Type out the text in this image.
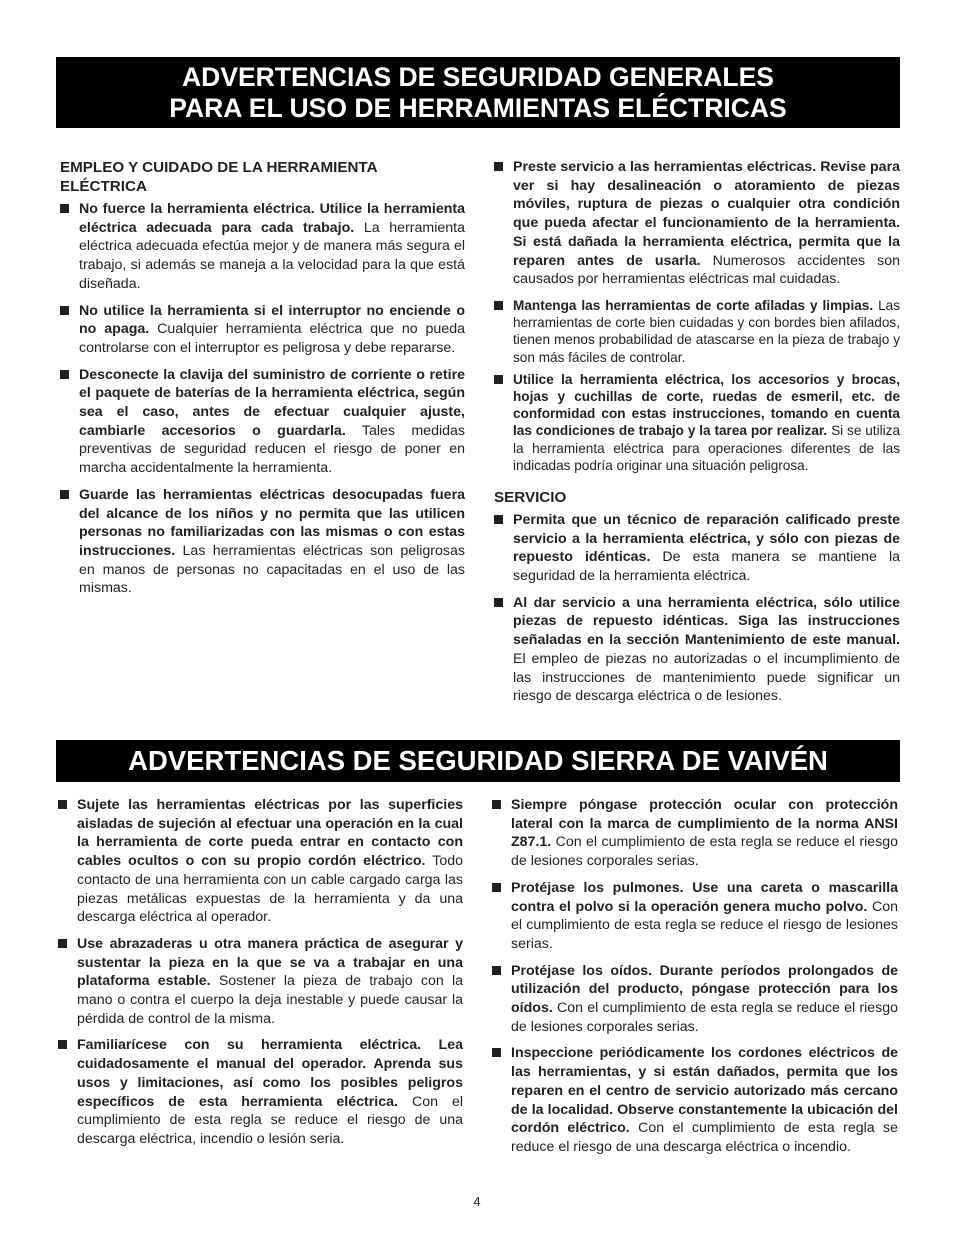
ADVERTENCIAS DE SEGURIDAD GENERALES
PARA EL USO DE HERRAMIENTAS ELÉCTRICAS
EMPLEO Y CUIDADO DE LA HERRAMIENTA ELÉCTRICA
No fuerce la herramienta eléctrica. Utilice la herramienta eléctrica adecuada para cada trabajo. La herramienta eléctrica adecuada efectúa mejor y de manera más segura el trabajo, si además se maneja a la velocidad para la que está diseñada.
No utilice la herramienta si el interruptor no enciende o no apaga. Cualquier herramienta eléctrica que no pueda controlarse con el interruptor es peligrosa y debe repararse.
Desconecte la clavija del suministro de corriente o retire el paquete de baterías de la herramienta eléctrica, según sea el caso, antes de efectuar cualquier ajuste, cambiarle accesorios o guardarla. Tales medidas preventivas de seguridad reducen el riesgo de poner en marcha accidentalmente la herramienta.
Guarde las herramientas eléctricas desocupadas fuera del alcance de los niños y no permita que las utilicen personas no familiarizadas con las mismas o con estas instrucciones. Las herramientas eléctricas son peligrosas en manos de personas no capacitadas en el uso de las mismas.
Preste servicio a las herramientas eléctricas. Revise para ver si hay desalineación o atoramiento de piezas móviles, ruptura de piezas o cualquier otra condición que pueda afectar el funcionamiento de la herramienta. Si está dañada la herramienta eléctrica, permita que la reparen antes de usarla. Numerosos accidentes son causados por herramientas eléctricas mal cuidadas.
Mantenga las herramientas de corte afiladas y limpias. Las herramientas de corte bien cuidadas y con bordes bien afilados, tienen menos probabilidad de atascarse en la pieza de trabajo y son más fáciles de controlar.
Utilice la herramienta eléctrica, los accesorios y brocas, hojas y cuchillas de corte, ruedas de esmeril, etc. de conformidad con estas instrucciones, tomando en cuenta las condiciones de trabajo y la tarea por realizar. Si se utiliza la herramienta eléctrica para operaciones diferentes de las indicadas podría originar una situación peligrosa.
SERVICIO
Permita que un técnico de reparación calificado preste servicio a la herramienta eléctrica, y sólo con piezas de repuesto idénticas. De esta manera se mantiene la seguridad de la herramienta eléctrica.
Al dar servicio a una herramienta eléctrica, sólo utilice piezas de repuesto idénticas. Siga las instrucciones señaladas en la sección Mantenimiento de este manual. El empleo de piezas no autorizadas o el incumplimiento de las instrucciones de mantenimiento puede significar un riesgo de descarga eléctrica o de lesiones.
ADVERTENCIAS DE SEGURIDAD SIERRA DE VAIVÉN
Sujete las herramientas eléctricas por las superficies aisladas de sujeción al efectuar una operación en la cual la herramienta de corte pueda entrar en contacto con cables ocultos o con su propio cordón eléctrico. Todo contacto de una herramienta con un cable cargado carga las piezas metálicas expuestas de la herramienta y da una descarga eléctrica al operador.
Use abrazaderas u otra manera práctica de asegurar y sustentar la pieza en la que se va a trabajar en una plataforma estable. Sostener la pieza de trabajo con la mano o contra el cuerpo la deja inestable y puede causar la pérdida de control de la misma.
Familiarícese con su herramienta eléctrica. Lea cuidadosamente el manual del operador. Aprenda sus usos y limitaciones, así como los posibles peligros específicos de esta herramienta eléctrica. Con el cumplimiento de esta regla se reduce el riesgo de una descarga eléctrica, incendio o lesión seria.
Siempre póngase protección ocular con protección lateral con la marca de cumplimiento de la norma ANSI Z87.1. Con el cumplimiento de esta regla se reduce el riesgo de lesiones corporales serias.
Protéjase los pulmones. Use una careta o mascarilla contra el polvo si la operación genera mucho polvo. Con el cumplimiento de esta regla se reduce el riesgo de lesiones serias.
Protéjase los oídos. Durante períodos prolongados de utilización del producto, póngase protección para los oídos. Con el cumplimiento de esta regla se reduce el riesgo de lesiones corporales serias.
Inspeccione periódicamente los cordones eléctricos de las herramientas, y si están dañados, permita que los reparen en el centro de servicio autorizado más cercano de la localidad. Observe constantemente la ubicación del cordón eléctrico. Con el cumplimiento de esta regla se reduce el riesgo de una descarga eléctrica o incendio.
4
